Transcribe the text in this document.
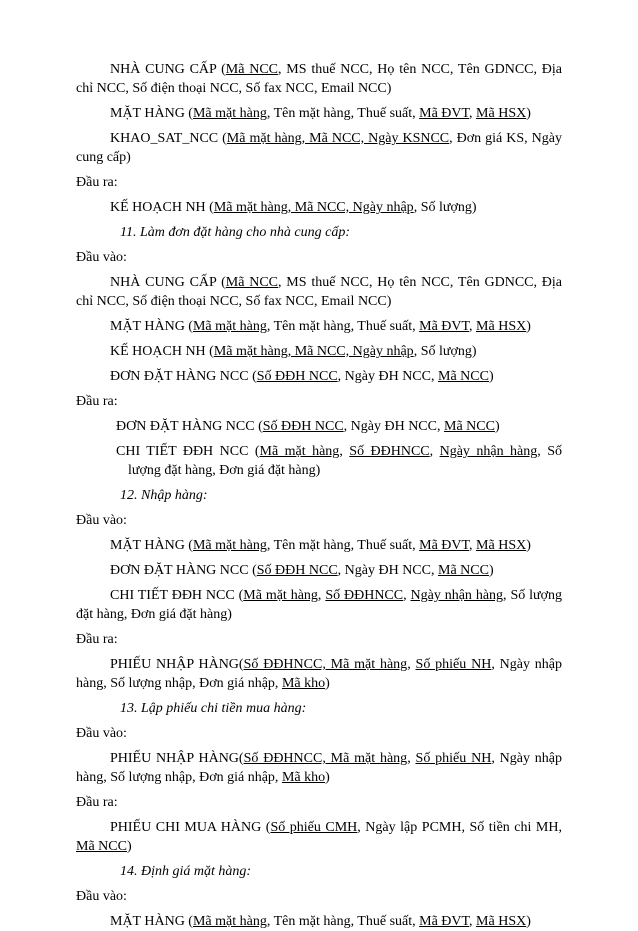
NHÀ CUNG CẤP (Mã NCC, MS thuế NCC, Họ tên NCC, Tên GDNCC, Địa chỉ NCC, Số điện thoại NCC, Số fax NCC, Email NCC)

MẶT HÀNG (Mã mặt hàng, Tên mặt hàng, Thuế suất, Mã ĐVT, Mã HSX)

KHAO_SAT_NCC (Mã mặt hàng, Mã NCC, Ngày KSNCC, Đơn giá KS, Ngày cung cấp)

Đầu ra:

KẾ HOẠCH NH (Mã mặt hàng, Mã NCC, Ngày nhập, Số lượng)

11. Làm đơn đặt hàng cho nhà cung cấp:

Đầu vào:

NHÀ CUNG CẤP (Mã NCC, MS thuế NCC, Họ tên NCC, Tên GDNCC, Địa chỉ NCC, Số điện thoại NCC, Số fax NCC, Email NCC)

MẶT HÀNG (Mã mặt hàng, Tên mặt hàng, Thuế suất, Mã ĐVT, Mã HSX)

KẾ HOẠCH NH (Mã mặt hàng, Mã NCC, Ngày nhập, Số lượng)

ĐƠN ĐẶT HÀNG NCC (Số ĐĐH NCC, Ngày ĐH NCC, Mã NCC)

Đầu ra:

ĐƠN ĐẶT HÀNG NCC (Số ĐĐH NCC, Ngày ĐH NCC, Mã NCC)

CHI TIẾT ĐĐH NCC (Mã mặt hàng, Số ĐĐHNCC, Ngày nhận hàng, Số lượng đặt hàng, Đơn giá đặt hàng)

12. Nhập hàng:

Đầu vào:

MẶT HÀNG (Mã mặt hàng, Tên mặt hàng, Thuế suất, Mã ĐVT, Mã HSX)

ĐƠN ĐẶT HÀNG NCC (Số ĐĐH NCC, Ngày ĐH NCC, Mã NCC)

CHI TIẾT ĐĐH NCC (Mã mặt hàng, Số ĐĐHNCC, Ngày nhận hàng, Số lượng đặt hàng, Đơn giá đặt hàng)

Đầu ra:

PHIẾU NHẬP HÀNG(Số ĐĐHNCC, Mã mặt hàng, Số phiếu NH, Ngày nhập hàng, Số lượng nhập, Đơn giá nhập, Mã kho)

13. Lập phiếu chi tiền mua hàng:

Đầu vào:

PHIẾU NHẬP HÀNG(Số ĐĐHNCC, Mã mặt hàng, Số phiếu NH, Ngày nhập hàng, Số lượng nhập, Đơn giá nhập, Mã kho)

Đầu ra:

PHIẾU CHI MUA HÀNG (Số phiếu CMH, Ngày lập PCMH, Số tiền chi MH, Mã NCC)

14. Định giá mặt hàng:

Đầu vào:

MẶT HÀNG (Mã mặt hàng, Tên mặt hàng, Thuế suất, Mã ĐVT, Mã HSX)
